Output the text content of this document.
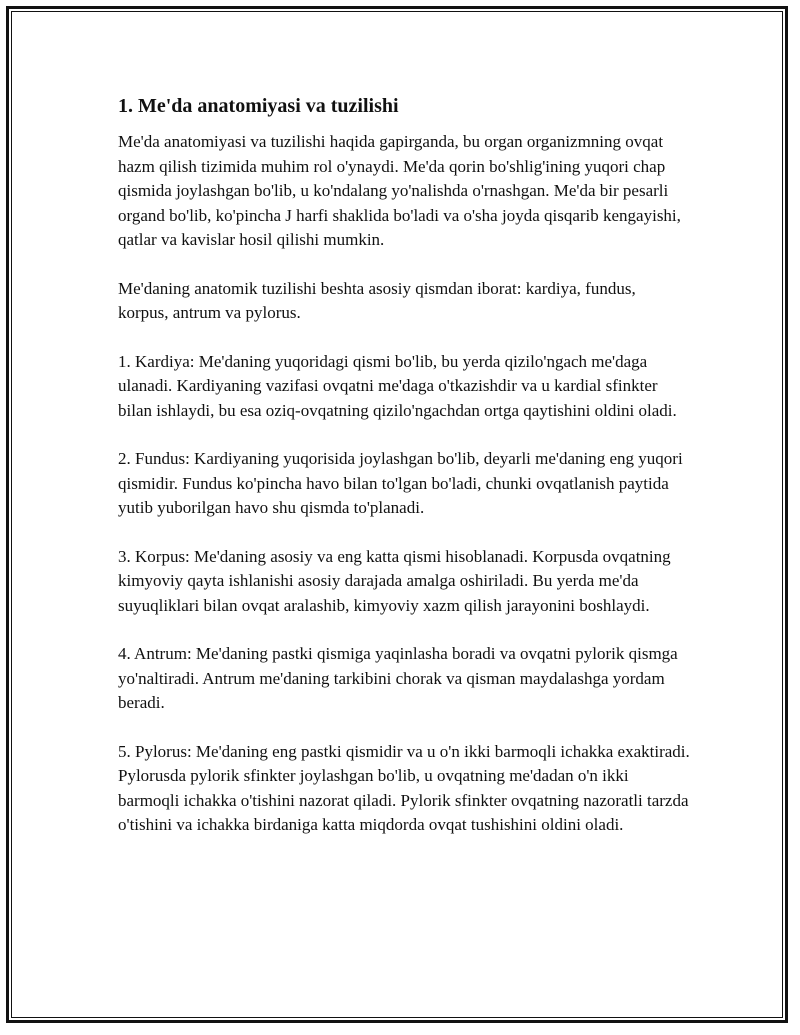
1. Me'da anatomiyasi va tuzilishi

Me'da anatomiyasi va tuzilishi haqida gapirganda, bu organ organizmning ovqat hazm qilish tizimida muhim rol o'ynaydi. Me'da qorin bo'shlig'ining yuqori chap qismida joylashgan bo'lib, u ko'ndalang yo'nalishda o'rnashgan. Me'da bir pesarli organd bo'lib, ko'pincha J harfi shaklida bo'ladi va o'sha joyda qisqarib kengayishi, qatlar va kavislar hosil qilishi mumkin.

Me'daning anatomik tuzilishi beshta asosiy qismdan iborat: kardiya, fundus, korpus, antrum va pylorus.

1. Kardiya: Me'daning yuqoridagi qismi bo'lib, bu yerda qizilo'ngach me'daga ulanadi. Kardiyaning vazifasi ovqatni me'daga o'tkazishdir va u kardial sfinkter bilan ishlaydi, bu esa oziq-ovqatning qizilo'ngachdan ortga qaytishini oldini oladi.

2. Fundus: Kardiyaning yuqorisida joylashgan bo'lib, deyarli me'daning eng yuqori qismidir. Fundus ko'pincha havo bilan to'lgan bo'ladi, chunki ovqatlanish paytida yutib yuborilgan havo shu qismda to'planadi.

3. Korpus: Me'daning asosiy va eng katta qismi hisoblanadi. Korpusda ovqatning kimyoviy qayta ishlanishi asosiy darajada amalga oshiriladi. Bu yerda me'da suyuqliklari bilan ovqat aralashib, kimyoviy xazm qilish jarayonini boshlaydi.

4. Antrum: Me'daning pastki qismiga yaqinlasha boradi va ovqatni pylorik qismga yo'naltiradi. Antrum me'daning tarkibini chorak va qisman maydalashga yordam beradi.

5. Pylorus: Me'daning eng pastki qismidir va u o'n ikki barmoqli ichakka exaktiradi. Pylorusda pylorik sfinkter joylashgan bo'lib, u ovqatning me'dadan o'n ikki barmoqli ichakka o'tishini nazorat qiladi. Pylorik sfinkter ovqatning nazoratli tarzda o'tishini va ichakka birdaniga katta miqdorda ovqat tushishini oldini oladi.
